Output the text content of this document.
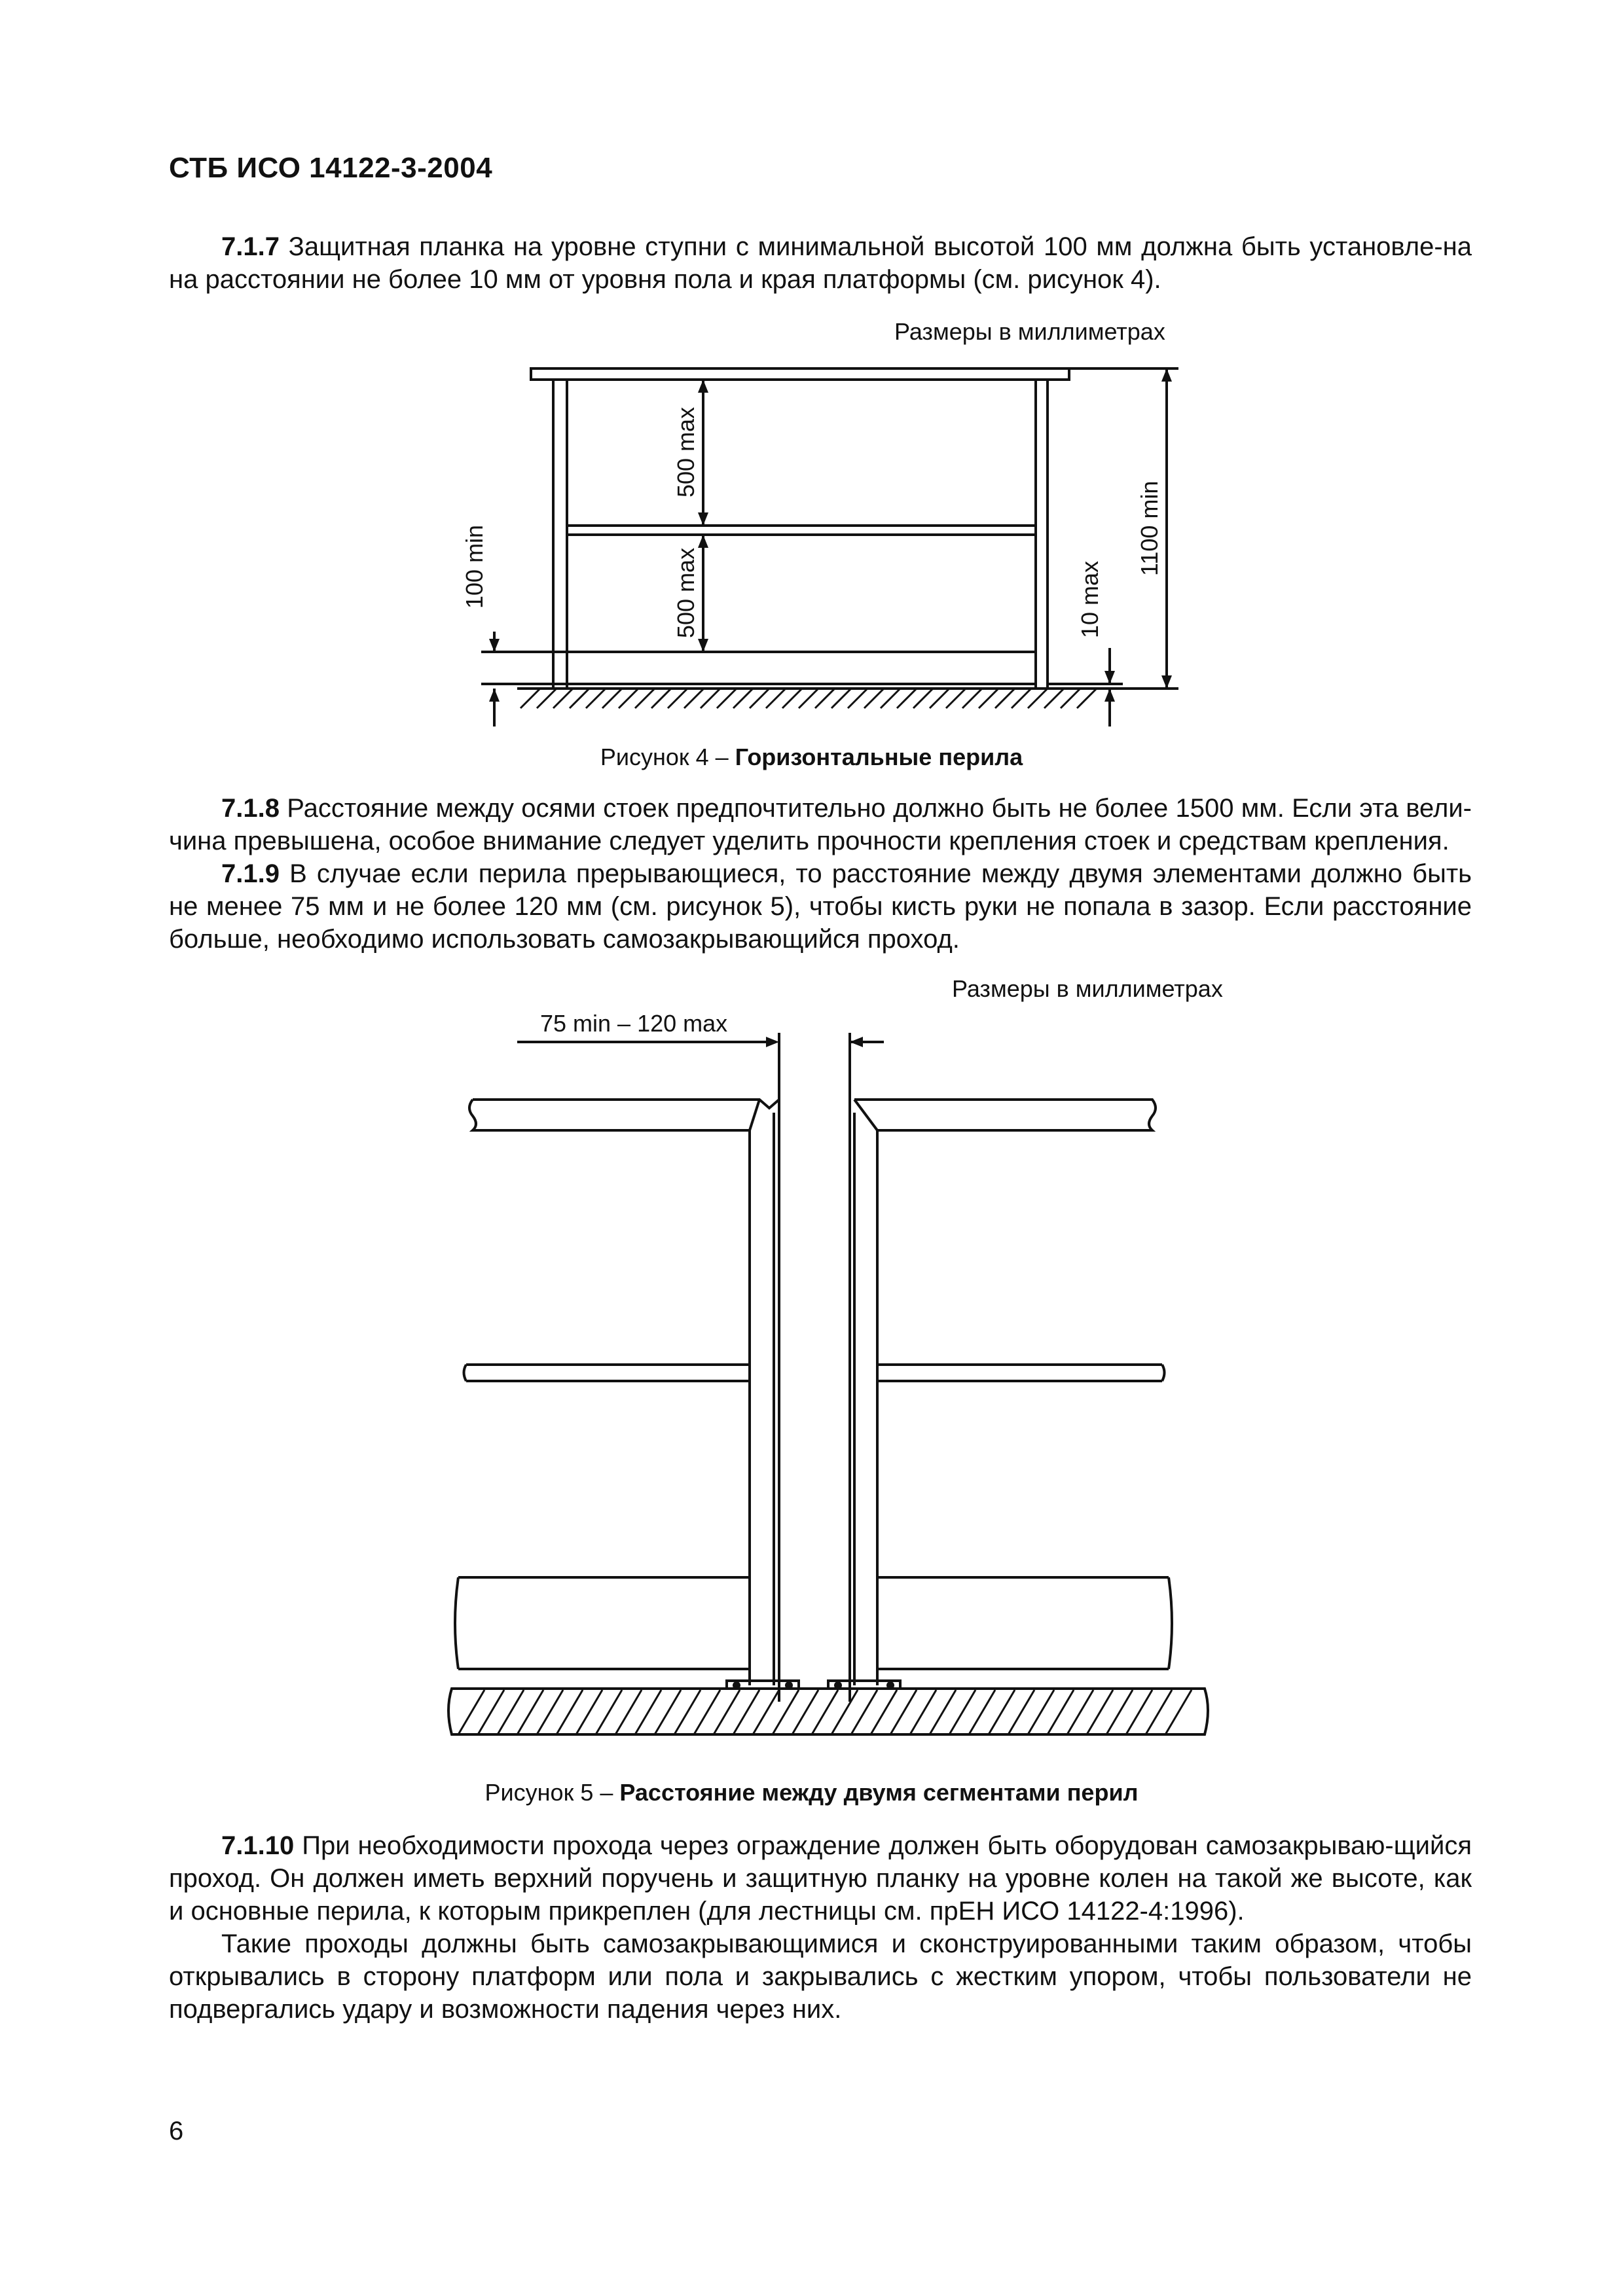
СТБ ИСО 14122-3-2004
7.1.7 Защитная планка на уровне ступни с минимальной высотой 100 мм должна быть установле-на на расстоянии не более 10 мм от уровня пола и края платформы (см. рисунок 4).
Размеры в миллиметрах
500 max
500 max
100 min	10 max
1100 min
Рисунок 4 – Горизонтальные перила
7.1.8 Расстояние между осями стоек предпочтительно должно быть не более 1500 мм. Если эта вели-чина превышена, особое внимание следует уделить прочности крепления стоек и средствам крепления.
7.1.9 В случае если перила прерывающиеся, то расстояние между двумя элементами должно быть не менее 75 мм и не более 120 мм (см. рисунок 5), чтобы кисть руки не попала в зазор. Если расстояние больше, необходимо использовать самозакрывающийся проход.
Размеры в миллиметрах
75 min – 120 max
Рисунок 5 – Расстояние между двумя сегментами перил
7.1.10 При необходимости прохода через ограждение должен быть оборудован самозакрываю-щийся проход. Он должен иметь верхний поручень и защитную планку на уровне колен на такой же высоте, как и основные перила, к которым прикреплен (для лестницы см. прЕН ИСО 14122-4:1996).
Такие проходы должны быть самозакрывающимися и сконструированными таким образом, чтобы открывались в сторону платформ или пола и закрывались с жестким упором, чтобы пользователи не подвергались удару и возможности падения через них.
6
